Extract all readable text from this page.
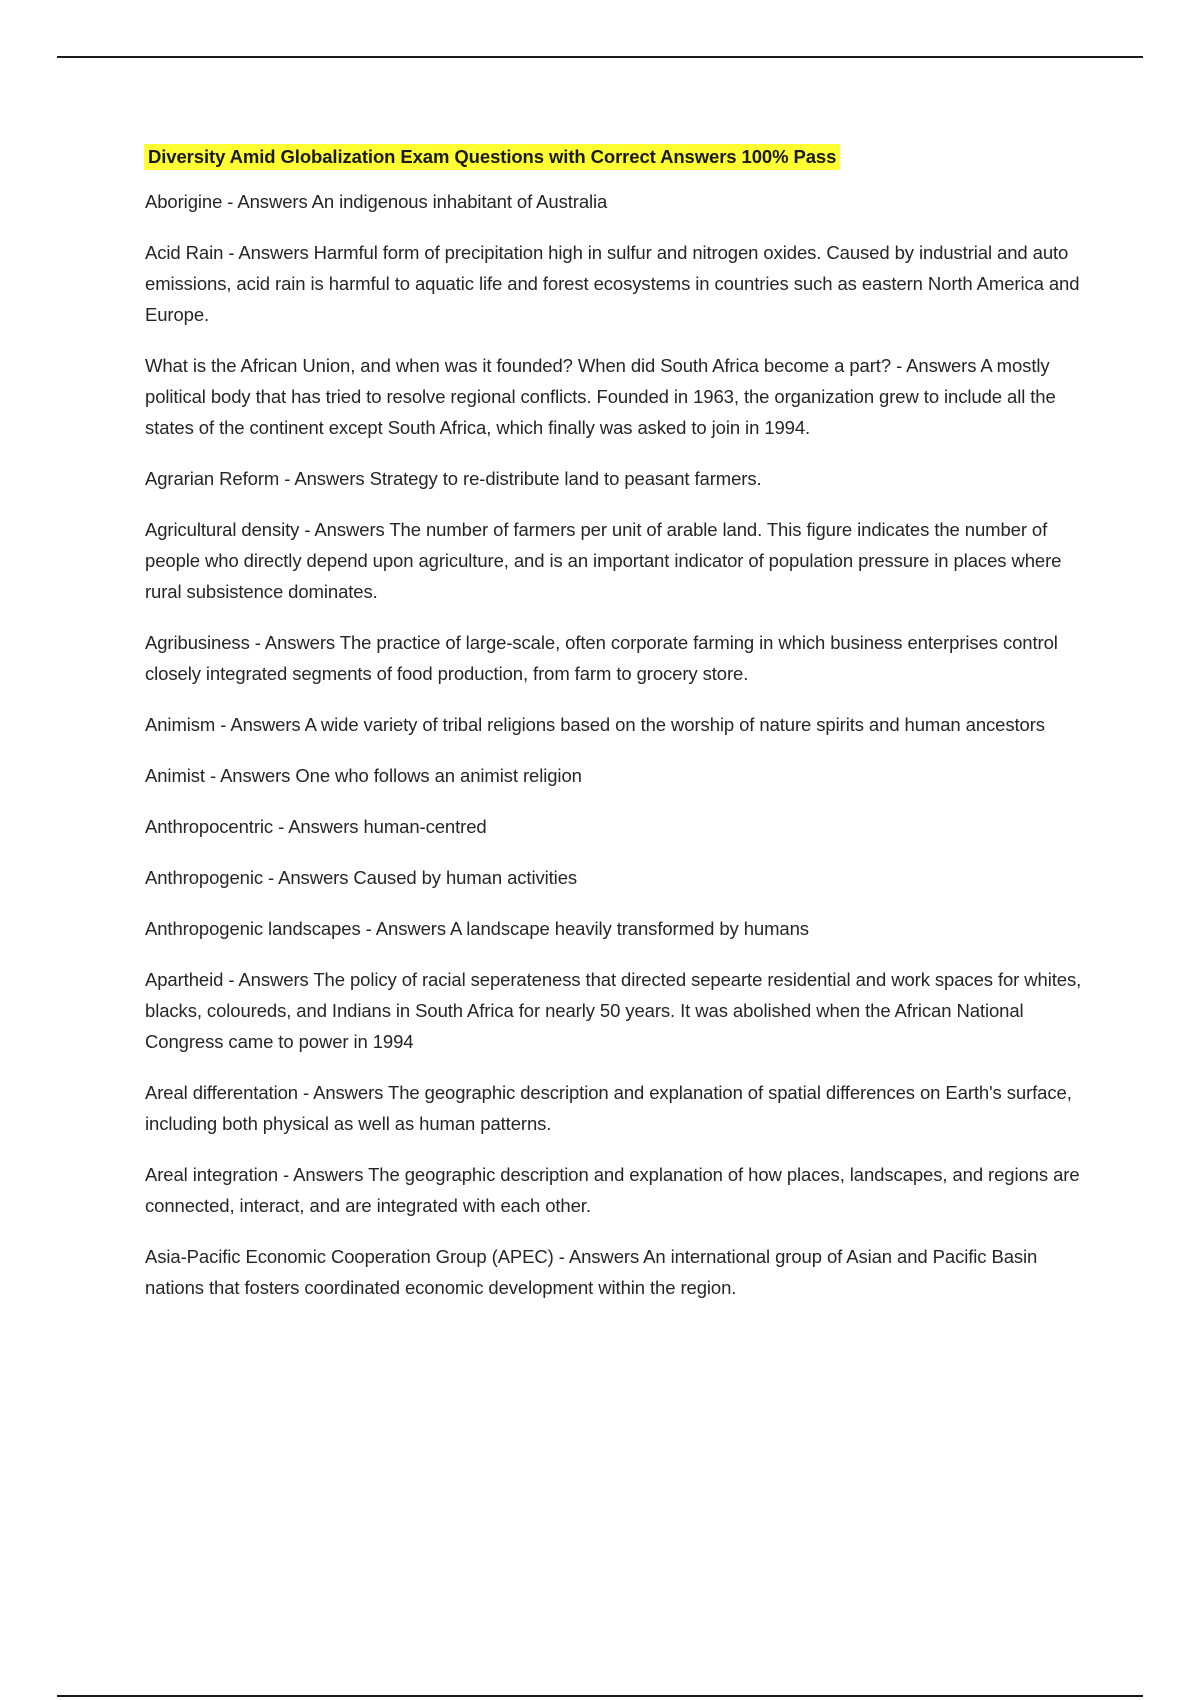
Diversity Amid Globalization Exam Questions with Correct Answers 100% Pass

Aborigine - Answers An indigenous inhabitant of Australia

Acid Rain - Answers Harmful form of precipitation high in sulfur and nitrogen oxides. Caused by industrial and auto emissions, acid rain is harmful to aquatic life and forest ecosystems in countries such as eastern North America and Europe.

What is the African Union, and when was it founded? When did South Africa become a part? - Answers A mostly political body that has tried to resolve regional conflicts. Founded in 1963, the organization grew to include all the states of the continent except South Africa, which finally was asked to join in 1994.

Agrarian Reform - Answers Strategy to re-distribute land to peasant farmers.

Agricultural density - Answers The number of farmers per unit of arable land. This figure indicates the number of people who directly depend upon agriculture, and is an important indicator of population pressure in places where rural subsistence dominates.

Agribusiness - Answers The practice of large-scale, often corporate farming in which business enterprises control closely integrated segments of food production, from farm to grocery store.

Animism - Answers A wide variety of tribal religions based on the worship of nature spirits and human ancestors

Animist - Answers One who follows an animist religion

Anthropocentric - Answers human-centred

Anthropogenic - Answers Caused by human activities

Anthropogenic landscapes - Answers A landscape heavily transformed by humans

Apartheid - Answers The policy of racial seperateness that directed sepearte residential and work spaces for whites, blacks, coloureds, and Indians in South Africa for nearly 50 years. It was abolished when the African National Congress came to power in 1994

Areal differentation - Answers The geographic description and explanation of spatial differences on Earth's surface, including both physical as well as human patterns.

Areal integration - Answers The geographic description and explanation of how places, landscapes, and regions are connected, interact, and are integrated with each other.

Asia-Pacific Economic Cooperation Group (APEC) - Answers An international group of Asian and Pacific Basin nations that fosters coordinated economic development within the region.
